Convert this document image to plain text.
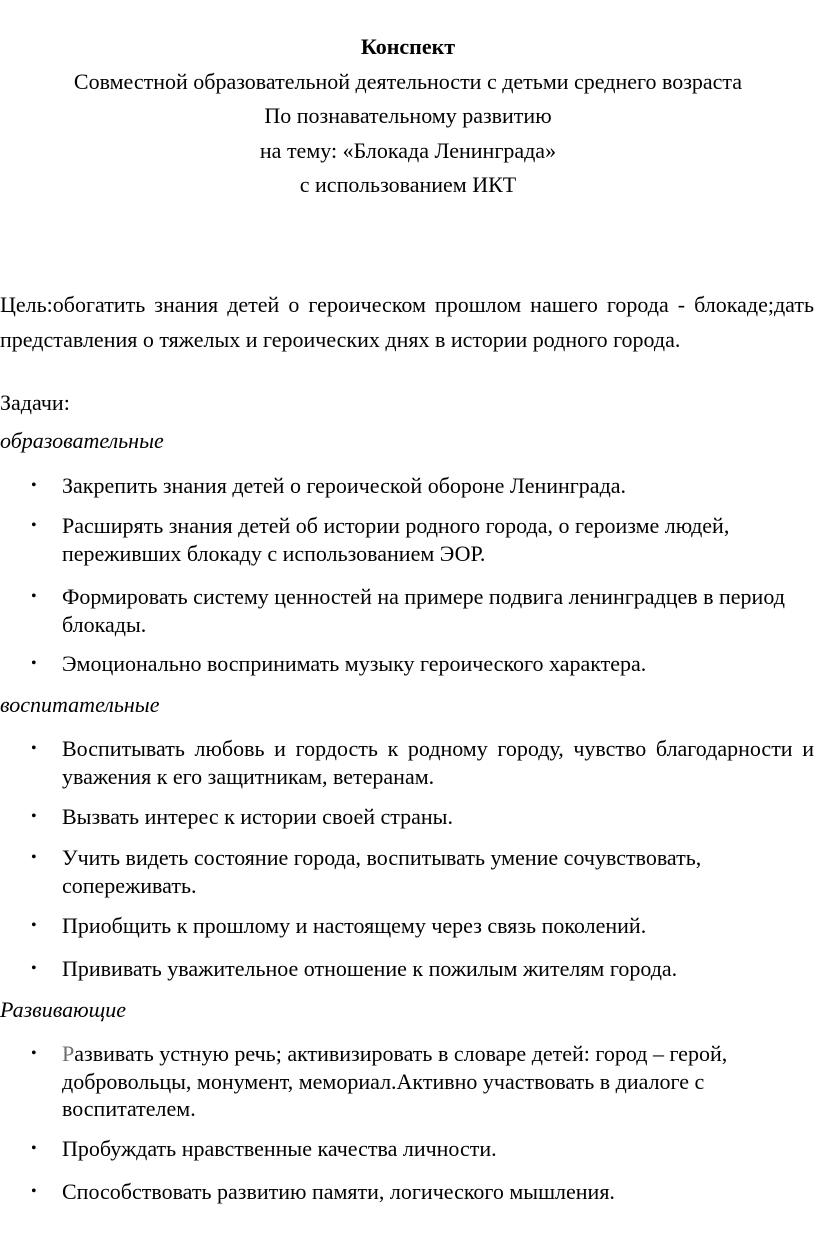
Конспект
Совместной образовательной деятельности с детьми среднего возраста
По познавательному развитию
на тему: «Блокада Ленинграда»
с использованием ИКТ
Цель:обогатить знания детей о героическом прошлом нашего города - блокаде;дать представления о тяжелых и героических днях в истории родного города.
Задачи:
образовательные
• Закрепить знания детей о героической обороне Ленинграда.
• Расширять знания детей об истории родного города, о героизме людей, переживших блокаду с использованием ЭОР.
• Формировать систему ценностей на примере подвига ленинградцев в период блокады.
• Эмоционально воспринимать музыку героического характера.
воспитательные
• Воспитывать любовь и гордость к родному городу, чувство благодарности и уважения к его защитникам, ветеранам.
• Вызвать интерес к истории своей страны.
• Учить видеть состояние города, воспитывать умение сочувствовать, сопереживать.
• Приобщить к прошлому и настоящему через связь поколений.
• Прививать уважительное отношение к пожилым жителям города.
Развивающие
• Развивать устную речь; активизировать в словаре детей: город – герой, добровольцы, монумент, мемориал.Активно участвовать в диалоге с воспитателем.
• Пробуждать нравственные качества личности.
• Способствовать развитию памяти, логического мышления.
